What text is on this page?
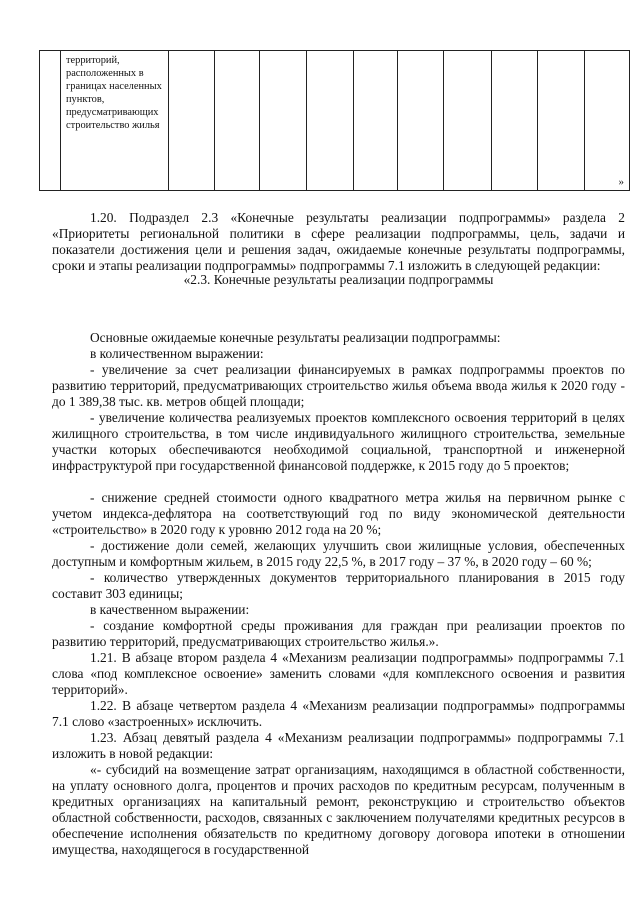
территорий, расположенных в границах населенных пунктов, предусматривающих строительство жилья
»

1.20. Подраздел 2.3 «Конечные результаты реализации подпрограммы» раздела 2 «Приоритеты региональной политики в сфере реализации подпрограммы, цель, задачи и показатели достижения цели и решения задач, ожидаемые конечные результаты подпрограммы, сроки и этапы реализации подпрограммы» подпрограммы 7.1 изложить в следующей редакции:

«2.3. Конечные результаты реализации подпрограммы

Основные ожидаемые конечные результаты реализации подпрограммы:

в количественном выражении:

- увеличение за счет реализации финансируемых в рамках подпрограммы проектов по развитию территорий, предусматривающих строительство жилья объема ввода жилья к 2020 году - до 1 389,38 тыс. кв. метров общей площади;

- увеличение количества реализуемых проектов комплексного освоения территорий в целях жилищного строительства, в том числе индивидуального жилищного строительства, земельные участки которых обеспечиваются необходимой социальной, транспортной и инженерной инфраструктурой при государственной финансовой поддержке, к 2015 году до 5 проектов;

- снижение средней стоимости одного квадратного метра жилья на первичном рынке с учетом индекса-дефлятора на соответствующий год по виду экономической деятельности «строительство» в 2020 году к уровню 2012 года на 20 %;

- достижение доли семей, желающих улучшить свои жилищные условия, обеспеченных доступным и комфортным жильем, в 2015 году 22,5 %, в 2017 году – 37 %, в 2020 году – 60 %;

- количество утвержденных документов территориального планирования в 2015 году составит 303 единицы;

в качественном выражении:

- создание комфортной среды проживания для граждан при реализации проектов по развитию территорий, предусматривающих строительство жилья.».

1.21. В абзаце втором раздела 4 «Механизм реализации подпрограммы» подпрограммы 7.1 слова «под комплексное освоение» заменить словами «для комплексного освоения и развития территорий».

1.22. В абзаце четвертом раздела 4 «Механизм реализации подпрограммы» подпрограммы 7.1 слово «застроенных» исключить.

1.23. Абзац девятый раздела 4 «Механизм реализации подпрограммы» подпрограммы 7.1 изложить в новой редакции:

«- субсидий на возмещение затрат организациям, находящимся в областной собственности, на уплату основного долга, процентов и прочих расходов по кредитным ресурсам, полученным в кредитных организациях на капитальный ремонт, реконструкцию и строительство объектов областной собственности, расходов, связанных с заключением получателями кредитных ресурсов в обеспечение исполнения обязательств по кредитному договору договора ипотеки в отношении имущества, находящегося в государственной
